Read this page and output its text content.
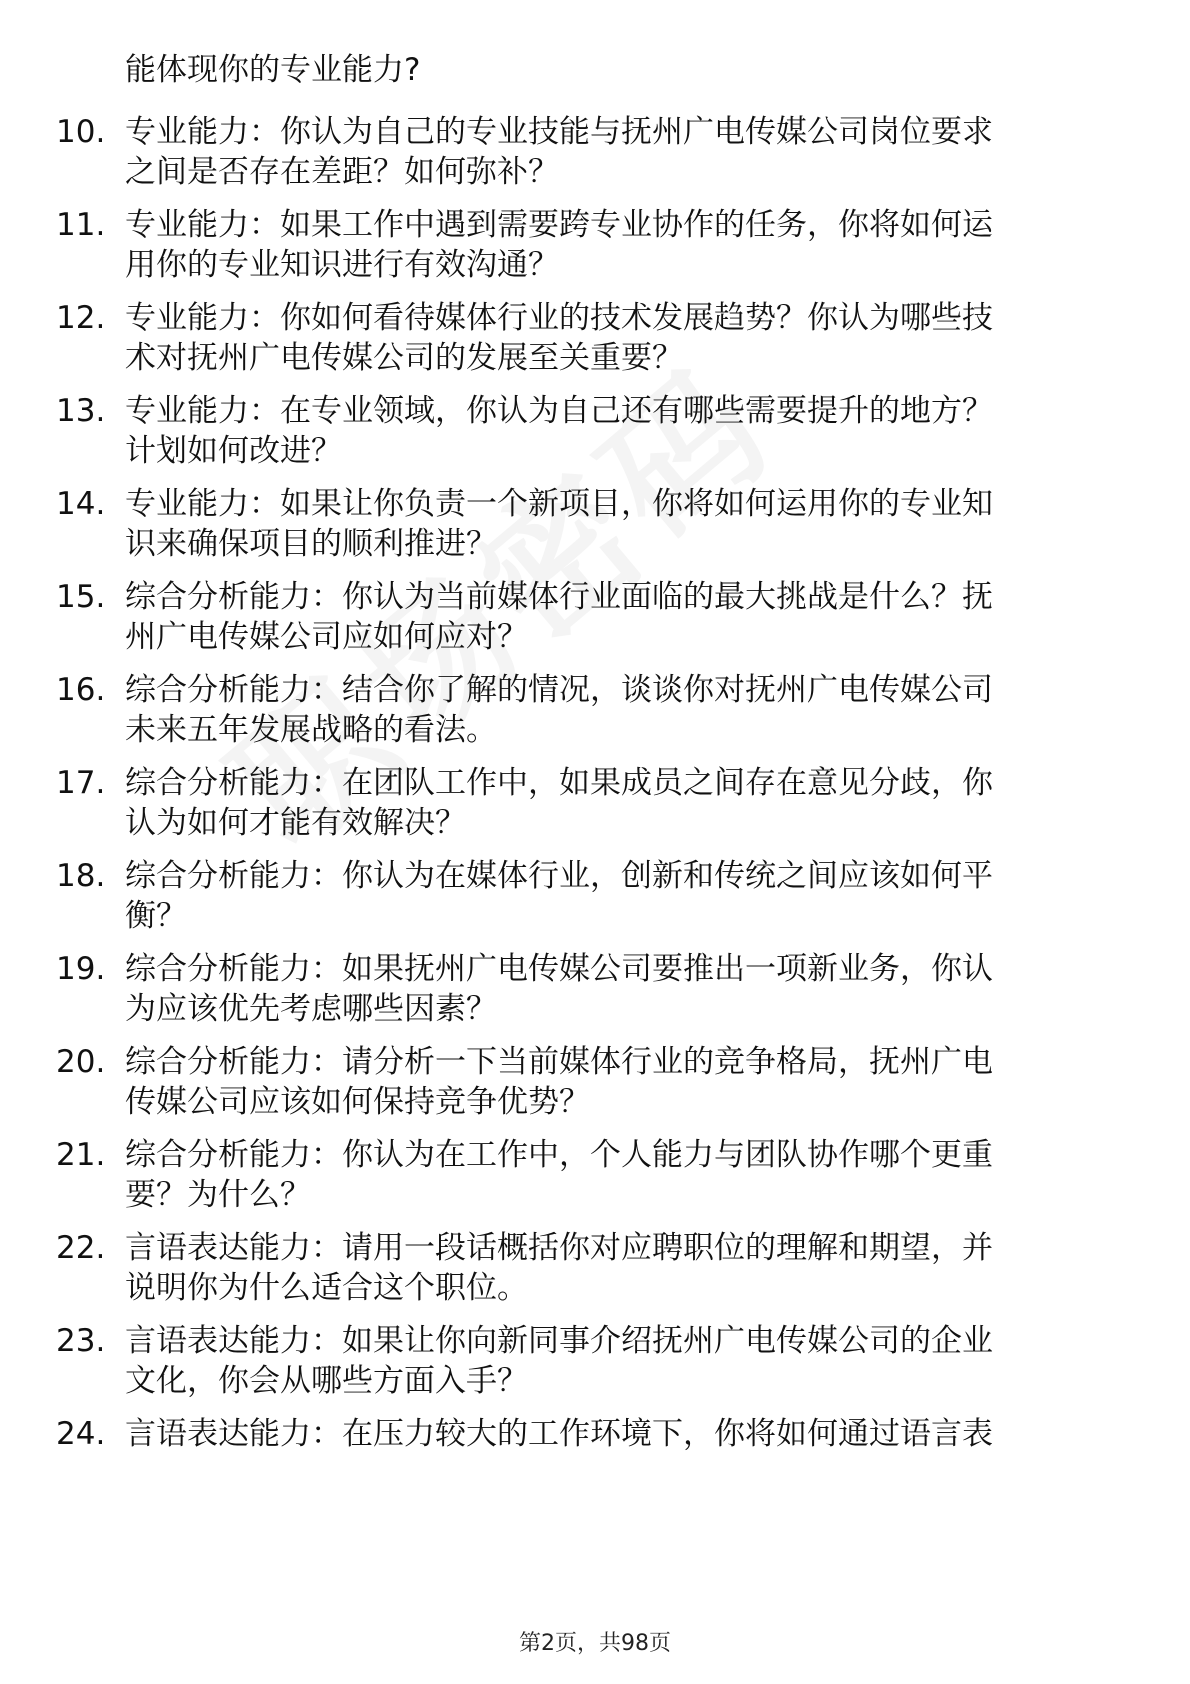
能体现你的专业能力?
10. 专业能力：你认为自己的专业技能与抚州广电传媒公司岗位要求
之间是否存在差距？如何弥补？
11. 专业能力：如果工作中遇到需要跨专业协作的任务，你将如何运
用你的专业知识进行有效沟通？
12. 专业能力：你如何看待媒体行业的技术发展趋势？你认为哪些技
术对抚州广电传媒公司的发展至关重要？
13. 专业能力：在专业领域，你认为自己还有哪些需要提升的地方？
计划如何改进？
14. 专业能力：如果让你负责一个新项目，你将如何运用你的专业知
识来确保项目的顺利推进？
15. 综合分析能力：你认为当前媒体行业面临的最大挑战是什么？抚
州广电传媒公司应如何应对？
16. 综合分析能力：结合你了解的情况，谈谈你对抚州广电传媒公司
未来五年发展战略的看法。
17. 综合分析能力：在团队工作中，如果成员之间存在意见分歧，你
认为如何才能有效解决？
18. 综合分析能力：你认为在媒体行业，创新和传统之间应该如何平
衡？
19. 综合分析能力：如果抚州广电传媒公司要推出一项新业务，你认
为应该优先考虑哪些因素？
20. 综合分析能力：请分析一下当前媒体行业的竞争格局，抚州广电
传媒公司应该如何保持竞争优势？
21. 综合分析能力：你认为在工作中，个人能力与团队协作哪个更重
要？为什么？
22. 言语表达能力：请用一段话概括你对应聘职位的理解和期望，并
说明你为什么适合这个职位。
23. 言语表达能力：如果让你向新同事介绍抚州广电传媒公司的企业
文化，你会从哪些方面入手？
24. 言语表达能力：在压力较大的工作环境下，你将如何通过语言表
第2页，共98页
